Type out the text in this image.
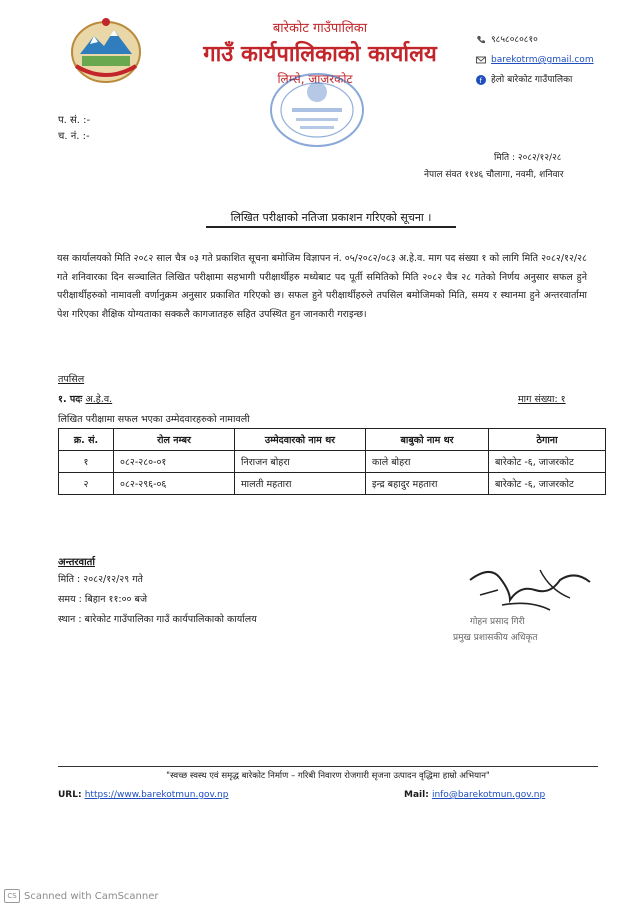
बारेकोट गाउँपालिका
गाउँ कार्यपालिकाको कार्यालय
लिम्से, जाजरकोट
९८५८०८०८१०
barekotrm@gmail.com
f हेलो बारेकोट गाउँपालिका
प. सं. :-
च. नं. :-
मिति : २०८२/१२/२८
नेपाल संवत ११४६ चौलागा, नवमी, शनिवार
लिखित परीक्षाको नतिजा प्रकाशन गरिएको सूचना ।
यस कार्यालयको मिति २०८२ साल चैत्र ०३ गते प्रकाशित सूचना बमोजिम विज्ञापन नं. ०५/२०८२/०८३ अ.हे.व. माग पद संख्या १ को लागि मिति २०८२/१२/२८ गते शनिवारका दिन सञ्चालित लिखित परीक्षामा सहभागी परीक्षार्थीहरु मध्येबाट पद पूर्ती समितिको मिति २०८२ चैत्र २८ गतेको निर्णय अनुसार सफल हुने परीक्षार्थीहरुको नामावली वर्णानुक्रम अनुसार प्रकाशित गरिएको छ। सफल हुने परीक्षार्थीहरुले तपसिल बमोजिमको मिति, समय र स्थानमा हुने अन्तरवार्तामा पेश गरिएका शैक्षिक योग्यताका सक्कलै कागजातहरु सहित उपस्थित हुन जानकारी गराइन्छ।
तपसिल
१. पदः अ.हे.व.	माग संख्या: १
लिखित परीक्षामा सफल भएका उम्मेदवारहरुको नामावली
क्र. सं.	रोल नम्बर	उम्मेदवारको नाम थर	बाबुको नाम थर	ठेगाना
१	०८२-२८०-०१	निराजन बोहरा	काले बोहरा	बारेकोट -६, जाजरकोट
२	०८२-२९६-०६	मालती महतारा	इन्द्र बहादुर महतारा	बारेकोट -६, जाजरकोट
अन्तरवार्ता
मिति : २०८२/१२/२९ गते
समय : बिहान ११:०० बजे
स्थान : बारेकोट गाउँपालिका गाउँ कार्यपालिकाको कार्यालय	गोहन प्रसाद गिरी
प्रमुख प्रशासकीय अधिकृत
"स्वच्छ स्वस्थ एवं समृद्ध बारेकोट निर्माण – गरिबी निवारण रोजगारी सृजना उत्पादन वृद्धिमा हाम्रो अभियान"
URL: https://www.barekotmun.gov.np	Mail: info@barekotmun.gov.np
CS Scanned with CamScanner
